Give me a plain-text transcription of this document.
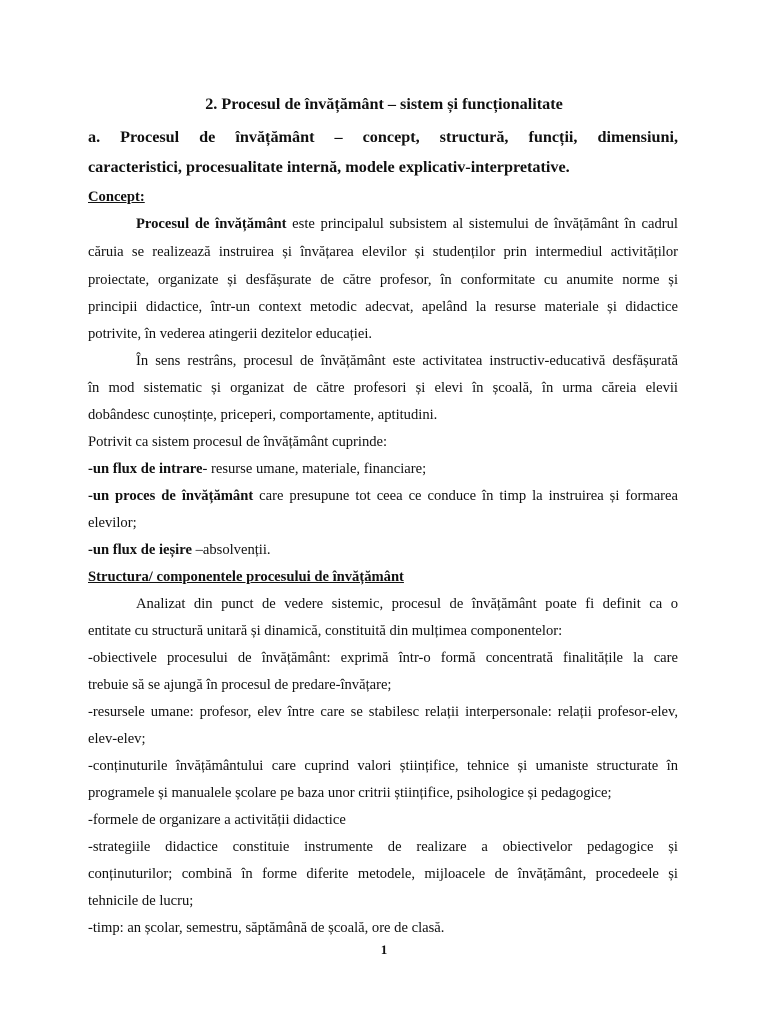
2. Procesul de învățământ – sistem și funcționalitate
a. Procesul de învățământ – concept, structură, funcții, dimensiuni,
caracteristici, procesualitate internă, modele explicativ-interpretative.

Concept:

Procesul de învățământ este principalul subsistem al sistemului de învățământ în cadrul

căruia se realizează instruirea și învățarea elevilor și studenților prin intermediul activităților

proiectate, organizate și desfășurate de către profesor, în conformitate cu anumite norme și

principii didactice, într-un context metodic adecvat, apelând la resurse materiale și didactice

potrivite, în vederea atingerii dezitelor educației.

În sens restrâns, procesul de învățământ este activitatea instructiv-educativă desfășurată

în mod sistematic și organizat de către profesori și elevi în școală, în urma căreia elevii

dobândesc cunoștințe, priceperi, comportamente, aptitudini.

Potrivit ca sistem procesul de învățământ cuprinde:

-un flux de intrare- resurse umane, materiale, financiare;

-un proces de învățământ care presupune tot ceea ce conduce în timp la instruirea și formarea

elevilor;

-un flux de ieșire –absolvenții.

Structura/ componentele procesului de învățământ

Analizat din punct de vedere sistemic, procesul de învățământ poate fi definit ca o

entitate cu structură unitară și dinamică, constituită din mulțimea componentelor:

-obiectivele procesului de învățământ: exprimă într-o formă concentrată finalitățile la care

trebuie să se ajungă în procesul de predare-învățare;

-resursele umane: profesor, elev între care se stabilesc relații interpersonale: relații profesor-elev,

elev-elev;

-conținuturile învățământului care cuprind valori științifice, tehnice și umaniste structurate în

programele și manualele școlare pe baza unor critrii științifice, psihologice și pedagogice;

-formele de organizare a activității didactice

-strategiile didactice constituie instrumente de realizare a obiectivelor pedagogice și

conținuturilor; combină în forme diferite metodele, mijloacele de învățământ, procedeele și

tehnicile de lucru;

-timp: an școlar, semestru, săptămână de școală, ore de clasă.

1
